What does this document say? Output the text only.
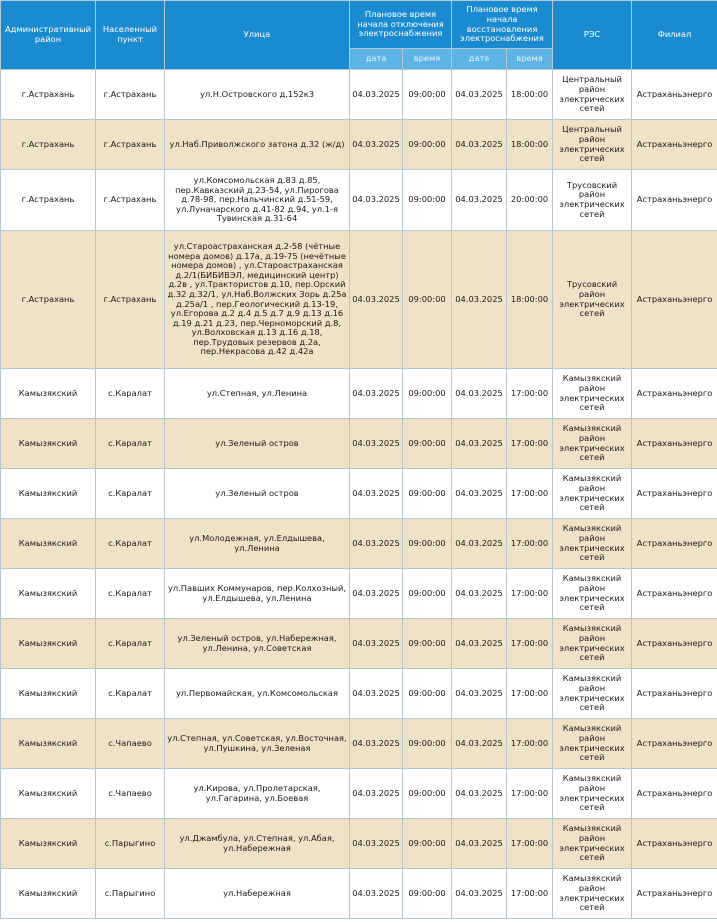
Административный район	Населенный пункт	Улица	Плановое время начала отключения электроснабжения		Плановое время начала восстановления электроснабжения		РЭС	Филиал
			дата	время	дата	время		
г.Астрахань	г.Астрахань	ул.Н.Островского д.152к3	04.03.2025	09:00:00	04.03.2025	18:00:00	Центральный район электрических сетей	Астраханьэнерго
г.Астрахань	г.Астрахань	ул.Наб.Приволжского затона д.32 (ж/д)	04.03.2025	09:00:00	04.03.2025	18:00:00	Центральный район электрических сетей	Астраханьэнерго
г.Астрахань	г.Астрахань	ул.Комсомольская д.83 д.85, пер.Кавказский д.23-54, ул.Пирогова д.78-98, пер.Нальчинский д.51-59, ул.Луначарского д.41-82 д.94, ул.1-я Тувинская д.31-64	04.03.2025	09:00:00	04.03.2025	20:00:00	Трусовский район электрических сетей	Астраханьэнерго
г.Астрахань	г.Астрахань	ул.Староастраханская д.2-58 (чётные номера домов) д.17а, д.19-75 (нечётные номера домов) , ул.Староастраханская д.2/1(БИБИВЭЛ, медицинский центр) д.2в , ул.Трактористов д.10, пер.Орский д.32 д.32/1, ул.Наб.Волжских Зорь д.25а д.25а/1 , пер.Геологический д.13-19, ул.Егорова д.2 д.4 д.5 д.7 д.9 д.13 д.16 д.19 д.21 д.23, пер.Черноморский д.8, ул.Волховская д.13 д.16 д.18, пер.Трудовых резервов д.2а, пер.Некрасова д.42 д.42а	04.03.2025	09:00:00	04.03.2025	18:00:00	Трусовский район электрических сетей	Астраханьэнерго
Камызякский	с.Каралат	ул.Степная, ул.Ленина	04.03.2025	09:00:00	04.03.2025	17:00:00	Камызякский район электрических сетей	Астраханьэнерго
Камызякский	с.Каралат	ул.Зеленый остров	04.03.2025	09:00:00	04.03.2025	17:00:00	Камызякский район электрических сетей	Астраханьэнерго
Камызякский	с.Каралат	ул.Зеленый остров	04.03.2025	09:00:00	04.03.2025	17:00:00	Камызякский район электрических сетей	Астраханьэнерго
Камызякский	с.Каралат	ул.Молодежная, ул.Елдышева, ул.Ленина	04.03.2025	09:00:00	04.03.2025	17:00:00	Камызякский район электрических сетей	Астраханьэнерго
Камызякский	с.Каралат	ул.Павших Коммунаров, пер.Колхозный, ул.Елдышева, ул.Ленина	04.03.2025	09:00:00	04.03.2025	17:00:00	Камызякский район электрических сетей	Астраханьэнерго
Камызякский	с.Каралат	ул.Зеленый остров, ул.Набережная, ул.Ленина, ул.Советская	04.03.2025	09:00:00	04.03.2025	17:00:00	Камызякский район электрических сетей	Астраханьэнерго
Камызякский	с.Каралат	ул.Первомайская, ул.Комсомольская	04.03.2025	09:00:00	04.03.2025	17:00:00	Камызякский район электрических сетей	Астраханьэнерго
Камызякский	с.Чапаево	ул.Степная, ул.Советская, ул.Восточная, ул.Пушкина, ул.Зеленая	04.03.2025	09:00:00	04.03.2025	17:00:00	Камызякский район электрических сетей	Астраханьэнерго
Камызякский	с.Чапаево	ул.Кирова, ул.Пролетарская, ул.Гагарина, ул.Боевая	04.03.2025	09:00:00	04.03.2025	17:00:00	Камызякский район электрических сетей	Астраханьэнерго
Камызякский	с.Парыгино	ул.Джамбула, ул.Степная, ул.Абая, ул.Набережная	04.03.2025	09:00:00	04.03.2025	17:00:00	Камызякский район электрических сетей	Астраханьэнерго
Камызякский	с.Парыгино	ул.Набережная	04.03.2025	09:00:00	04.03.2025	17:00:00	Камызякский район электрических сетей	Астраханьэнерго
